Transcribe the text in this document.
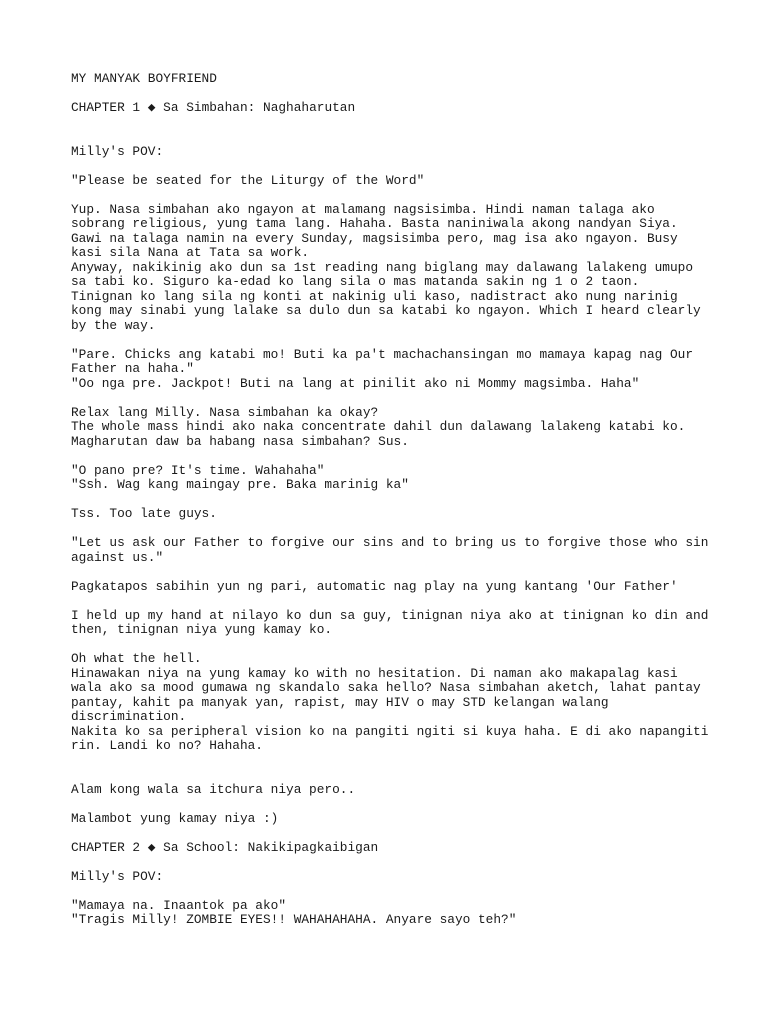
MY MANYAK BOYFRIEND
CHAPTER 1 ◆ Sa Simbahan: Naghaharutan
Milly's POV:
"Please be seated for the Liturgy of the Word"
Yup. Nasa simbahan ako ngayon at malamang nagsisimba. Hindi naman talaga ako
sobrang religious, yung tama lang. Hahaha. Basta naniniwala akong nandyan Siya.
Gawi na talaga namin na every Sunday, magsisimba pero, mag isa ako ngayon. Busy
kasi sila Nana at Tata sa work.
Anyway, nakikinig ako dun sa 1st reading nang biglang may dalawang lalakeng umupo
sa tabi ko. Siguro ka-edad ko lang sila o mas matanda sakin ng 1 o 2 taon.
Tinignan ko lang sila ng konti at nakinig uli kaso, nadistract ako nung narinig
kong may sinabi yung lalake sa dulo dun sa katabi ko ngayon. Which I heard clearly
by the way.
"Pare. Chicks ang katabi mo! Buti ka pa't machachansingan mo mamaya kapag nag Our
Father na haha."
"Oo nga pre. Jackpot! Buti na lang at pinilit ako ni Mommy magsimba. Haha"
Relax lang Milly. Nasa simbahan ka okay?
The whole mass hindi ako naka concentrate dahil dun dalawang lalakeng katabi ko.
Magharutan daw ba habang nasa simbahan? Sus.
"O pano pre? It's time. Wahahaha"
"Ssh. Wag kang maingay pre. Baka marinig ka"
Tss. Too late guys.
"Let us ask our Father to forgive our sins and to bring us to forgive those who sin
against us."
Pagkatapos sabihin yun ng pari, automatic nag play na yung kantang 'Our Father'
I held up my hand at nilayo ko dun sa guy, tinignan niya ako at tinignan ko din and
then, tinignan niya yung kamay ko.
Oh what the hell.
Hinawakan niya na yung kamay ko with no hesitation. Di naman ako makapalag kasi
wala ako sa mood gumawa ng skandalo saka hello? Nasa simbahan aketch, lahat pantay
pantay, kahit pa manyak yan, rapist, may HIV o may STD kelangan walang
discrimination.
Nakita ko sa peripheral vision ko na pangiti ngiti si kuya haha. E di ako napangiti
rin. Landi ko no? Hahaha.
Alam kong wala sa itchura niya pero..
Malambot yung kamay niya :)
CHAPTER 2 ◆ Sa School: Nakikipagkaibigan
Milly's POV:
"Mamaya na. Inaantok pa ako"
"Tragis Milly! ZOMBIE EYES!! WAHAHAHAHA. Anyare sayo teh?"
